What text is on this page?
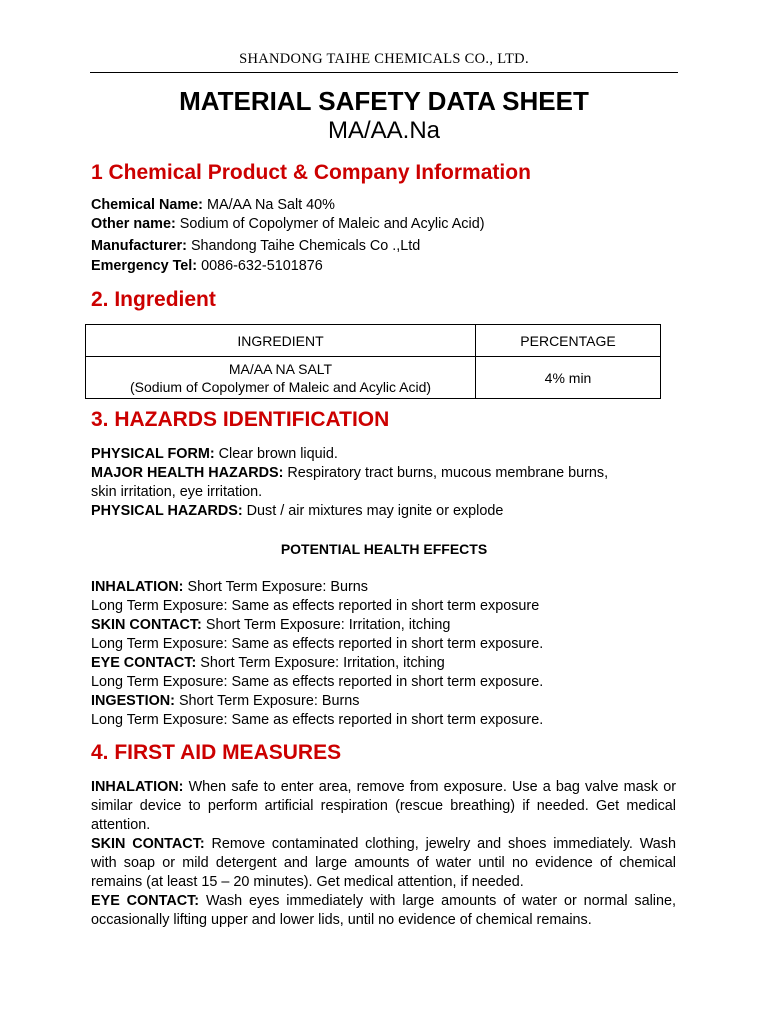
SHANDONG TAIHE CHEMICALS CO., LTD.
MATERIAL SAFETY DATA SHEET
MA/AA.Na
1 Chemical Product & Company Information
Chemical Name: MA/AA Na Salt 40%
Other name: Sodium of Copolymer of Maleic and Acylic Acid)
Manufacturer: Shandong Taihe Chemicals Co .,Ltd
Emergency Tel: 0086-632-5101876
2. Ingredient
INGREDIENT	PERCENTAGE

MA/AA NA SALT
(Sodium of Copolymer of Maleic and Acylic Acid)	4% min
3. HAZARDS IDENTIFICATION
PHYSICAL FORM: Clear brown liquid.
MAJOR HEALTH HAZARDS: Respiratory tract burns, mucous membrane burns,
skin irritation, eye irritation.
PHYSICAL HAZARDS: Dust / air mixtures may ignite or explode
POTENTIAL HEALTH EFFECTS
INHALATION: Short Term Exposure: Burns
Long Term Exposure: Same as effects reported in short term exposure
SKIN CONTACT: Short Term Exposure: Irritation, itching
Long Term Exposure: Same as effects reported in short term exposure.
EYE CONTACT: Short Term Exposure: Irritation, itching
Long Term Exposure: Same as effects reported in short term exposure.
INGESTION: Short Term Exposure: Burns
Long Term Exposure: Same as effects reported in short term exposure.
4. FIRST AID MEASURES
INHALATION: When safe to enter area, remove from exposure. Use a bag valve mask or similar device to perform artificial respiration (rescue breathing) if needed. Get medical attention.
SKIN CONTACT: Remove contaminated clothing, jewelry and shoes immediately. Wash with soap or mild detergent and large amounts of water until no evidence of chemical remains (at least 15 – 20 minutes). Get medical attention, if needed.
EYE CONTACT: Wash eyes immediately with large amounts of water or normal saline, occasionally lifting upper and lower lids, until no evidence of chemical remains.
